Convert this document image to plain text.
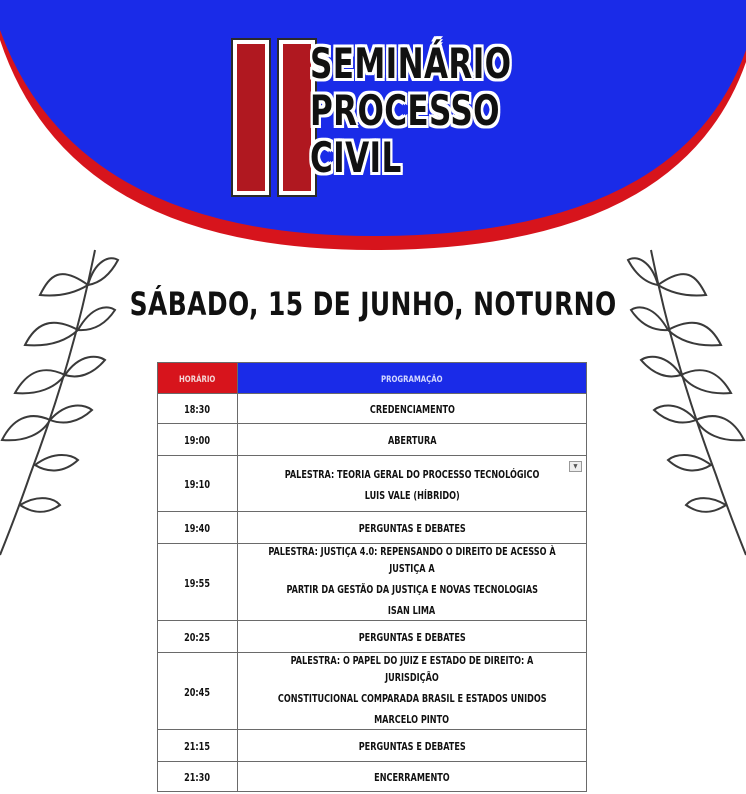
SEMINÁRIO
PROCESSO
CIVIL
SÁBADO, 15 DE JUNHO, NOTURNO
HORÁRIO	PROGRAMAÇÃO
18:30	CREDENCIAMENTO

19:00	ABERTURA

19:10	PALESTRA: TEORIA GERAL DO PROCESSO TECNOLÓGICO
LUIS VALE (HÍBRIDO)
▼

19:40	PERGUNTAS E DEBATES

19:55	PALESTRA: JUSTIÇA 4.0: REPENSANDO O DIREITO DE ACESSO À JUSTIÇA A
PARTIR DA GESTÃO DA JUSTIÇA E NOVAS TECNOLOGIAS
ISAN LIMA

20:25	PERGUNTAS E DEBATES

20:45	PALESTRA: O PAPEL DO JUIZ E ESTADO DE DIREITO: A JURISDIÇÃO
CONSTITUCIONAL COMPARADA BRASIL E ESTADOS UNIDOS
MARCELO PINTO

21:15	PERGUNTAS E DEBATES

21:30	ENCERRAMENTO
